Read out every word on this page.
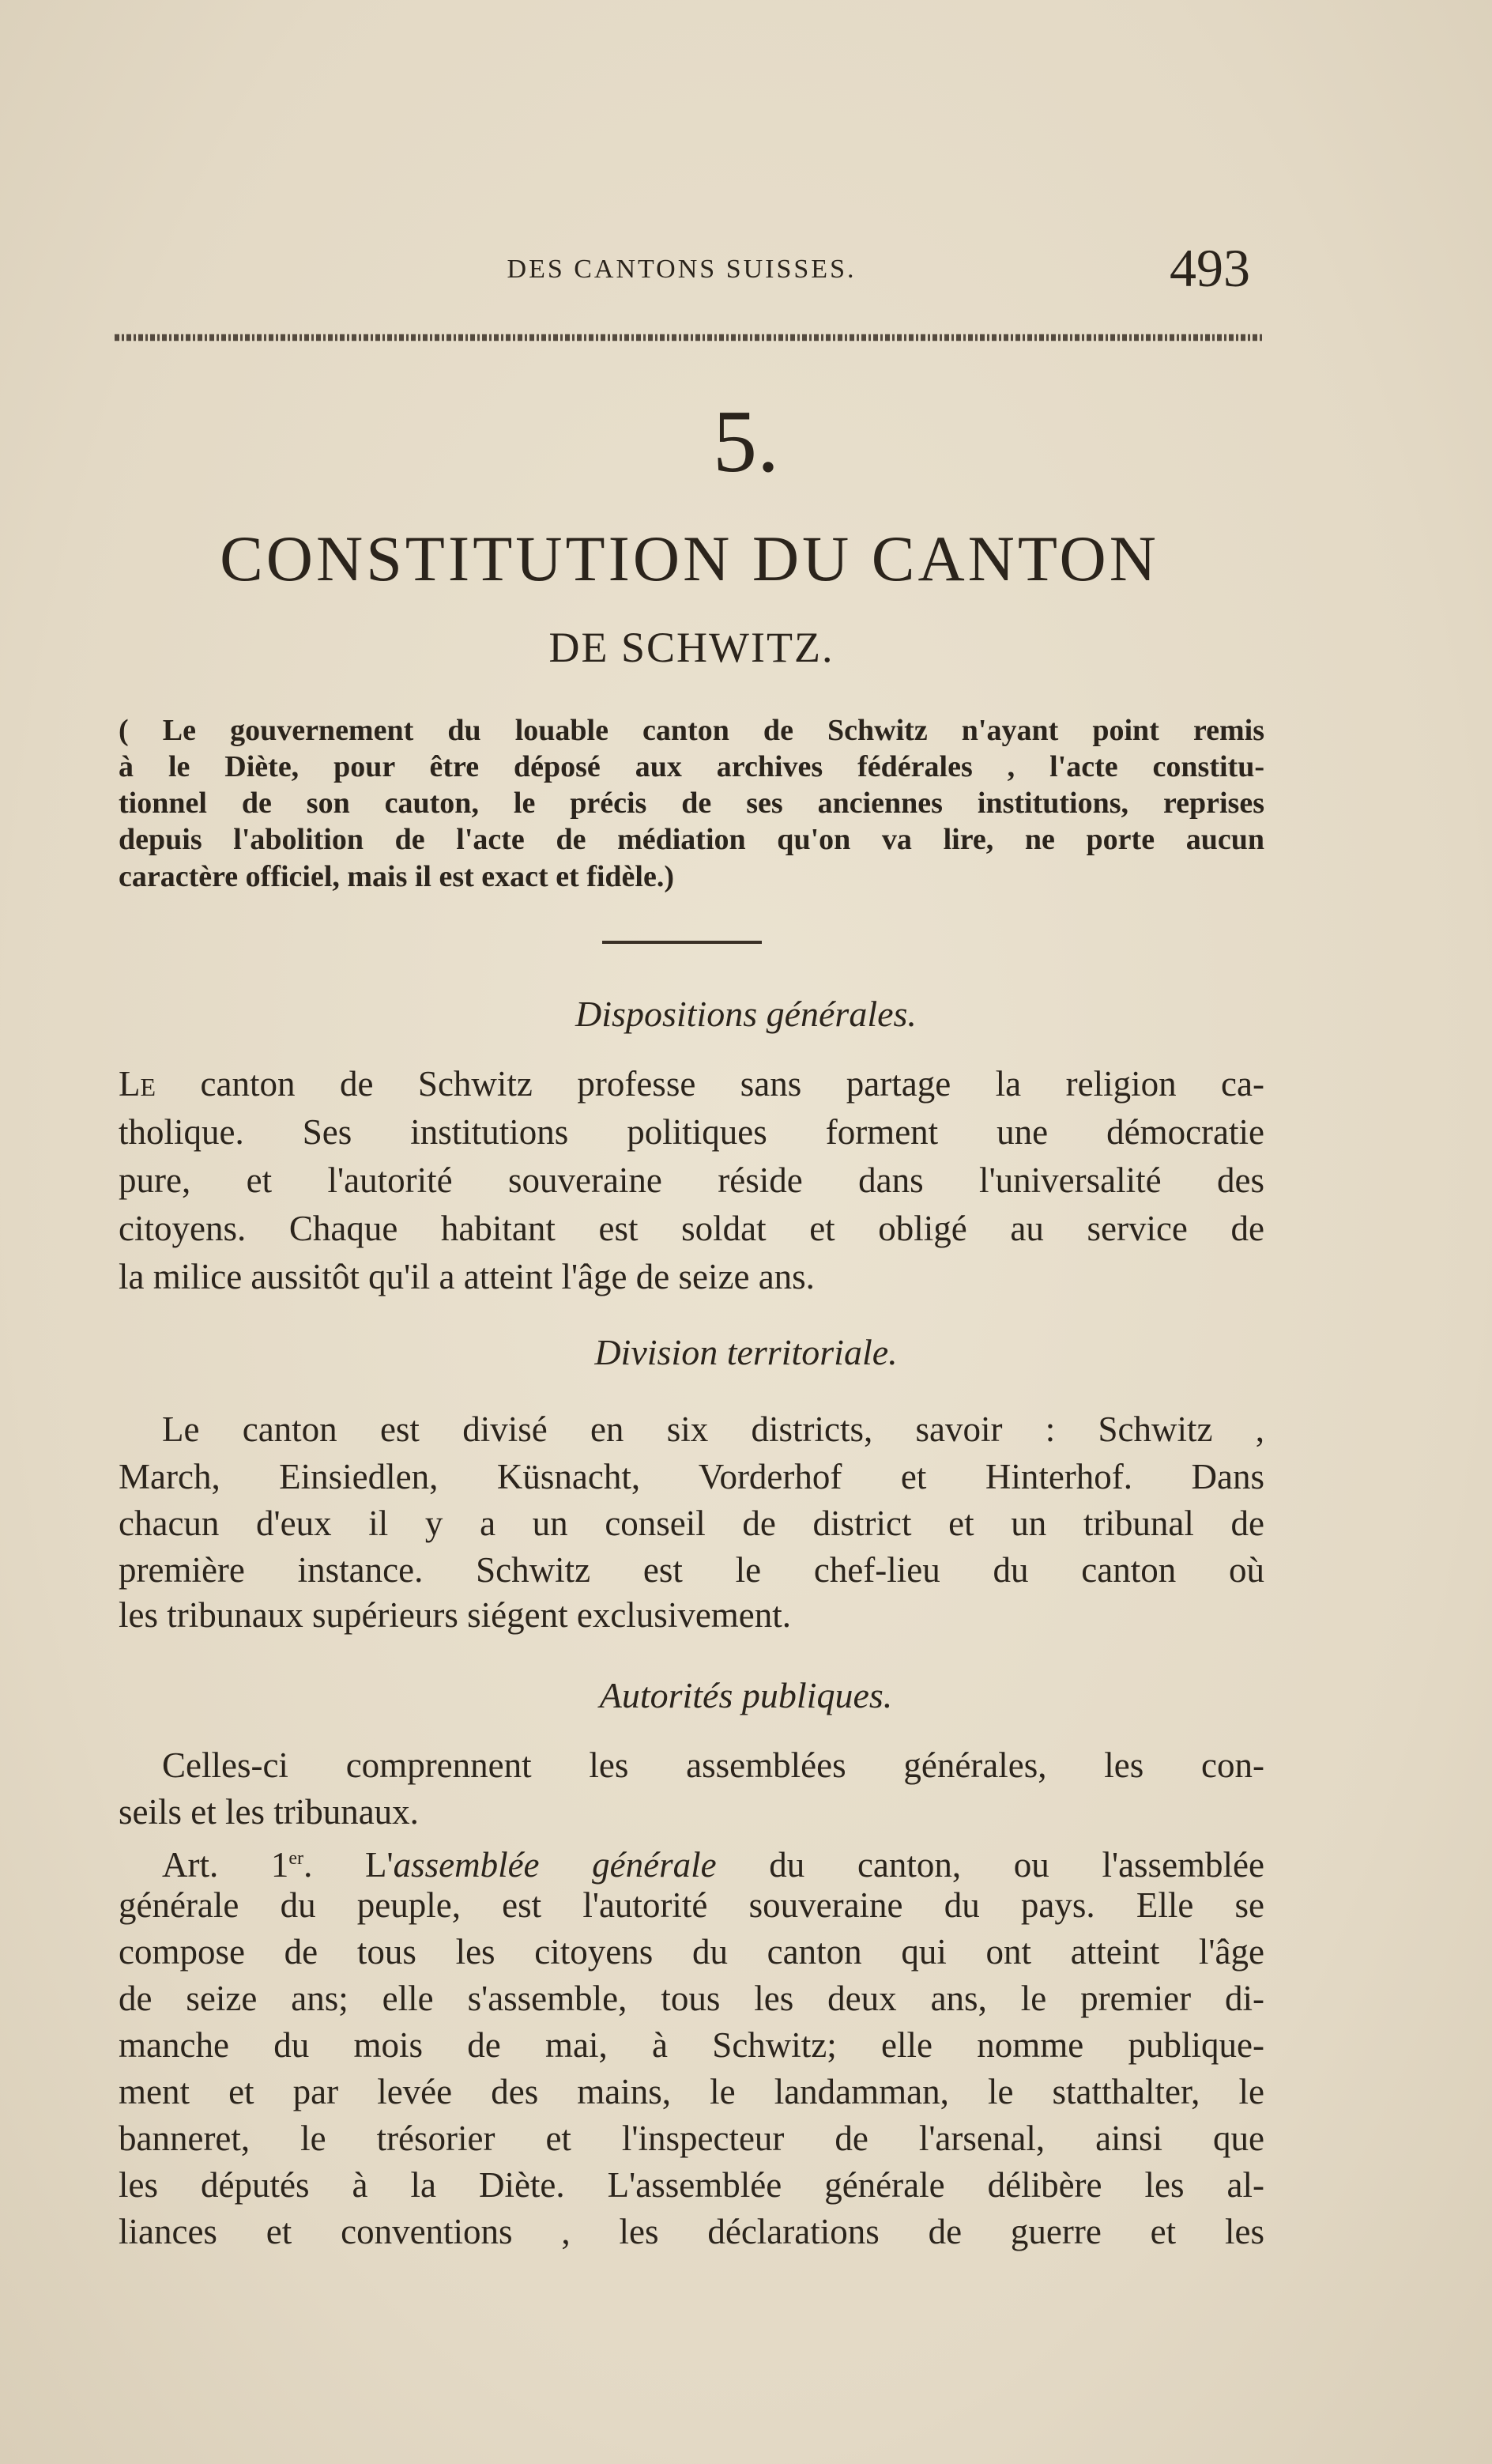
DES CANTONS SUISSES.	493
5.
CONSTITUTION DU CANTON
DE SCHWITZ.
( Le gouvernement du louable canton de Schwitz n'ayant point remis
à le Diète, pour être déposé aux archives fédérales , l'acte constitu-
tionnel de son cauton, le précis de ses anciennes institutions, reprises
depuis l'abolition de l'acte de médiation qu'on va lire, ne porte aucun
caractère officiel, mais il est exact et fidèle.)
Dispositions générales.
Le canton de Schwitz professe sans partage la religion ca-
tholique. Ses institutions politiques forment une démocratie
pure, et l'autorité souveraine réside dans l'universalité des
citoyens. Chaque habitant est soldat et obligé au service de
la milice aussitôt qu'il a atteint l'âge de seize ans.
Division territoriale.
Le canton est divisé en six districts, savoir : Schwitz ,
March, Einsiedlen, Küsnacht, Vorderhof et Hinterhof. Dans
chacun d'eux il y a un conseil de district et un tribunal de
première instance. Schwitz est le chef-lieu du canton où
les tribunaux supérieurs siégent exclusivement.
Autorités publiques.
Celles-ci comprennent les assemblées générales, les con-
seils et les tribunaux.
Art. 1er. L'assemblée générale du canton, ou l'assemblée
générale du peuple, est l'autorité souveraine du pays. Elle se
compose de tous les citoyens du canton qui ont atteint l'âge
de seize ans; elle s'assemble, tous les deux ans, le premier di-
manche du mois de mai, à Schwitz; elle nomme publique-
ment et par levée des mains, le landamman, le statthalter, le
banneret, le trésorier et l'inspecteur de l'arsenal, ainsi que
les députés à la Diète. L'assemblée générale délibère les al-
liances et conventions , les déclarations de guerre et les
